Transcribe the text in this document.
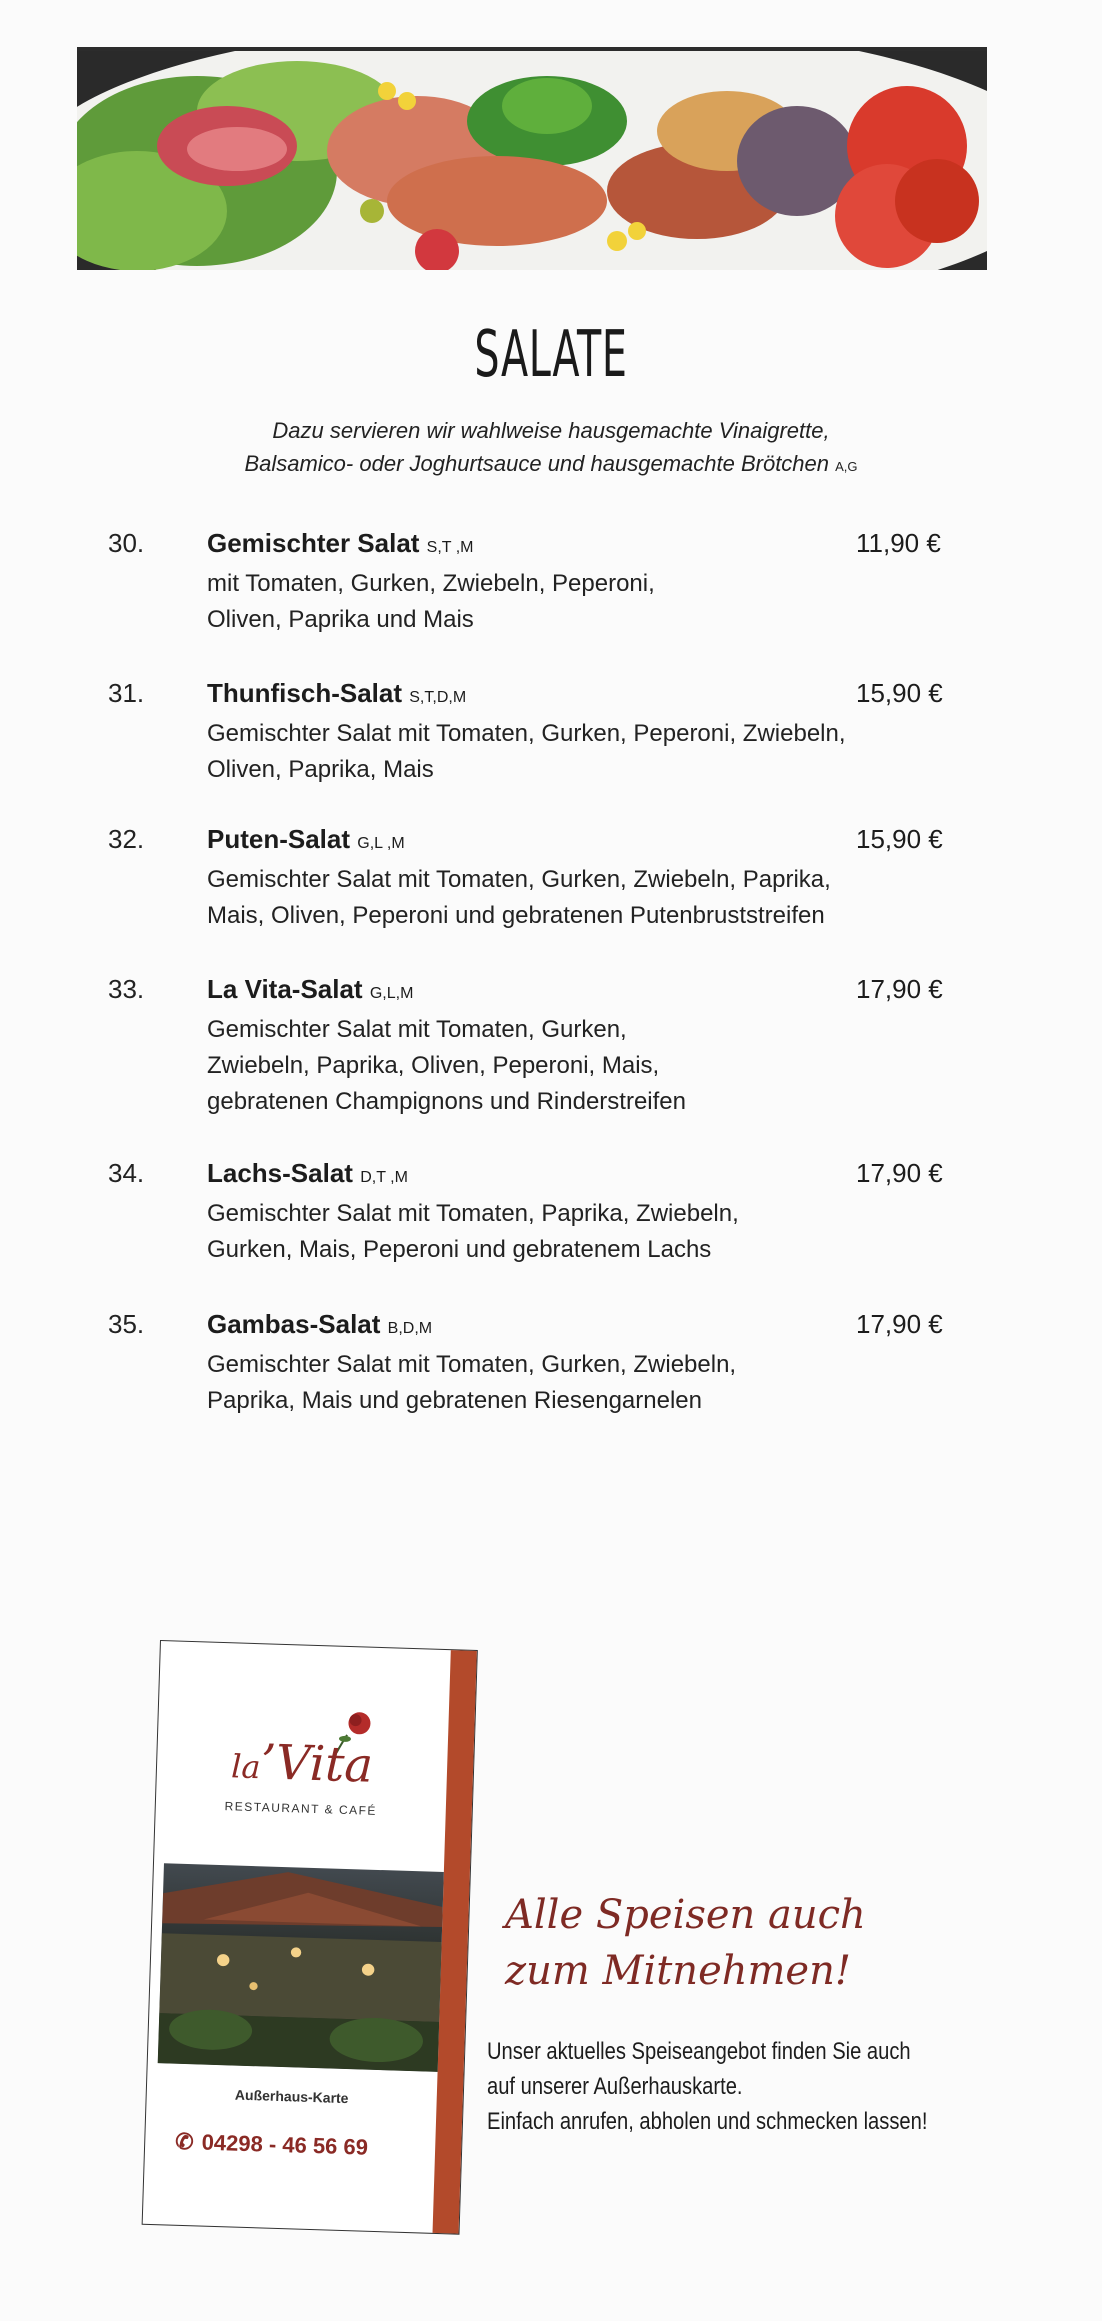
SALATE
Dazu servieren wir wahlweise hausgemachte Vinaigrette,
Balsamico- oder Joghurtsauce und hausgemachte Brötchen A,G
30. Gemischter Salat S,T ,M	11,90 €
mit Tomaten, Gurken, Zwiebeln, Peperoni,
Oliven, Paprika und Mais
31. Thunfisch-Salat S,T,D,M	15,90 €
Gemischter Salat mit Tomaten, Gurken, Peperoni, Zwiebeln,
Oliven, Paprika, Mais
32. Puten-Salat G,L ,M	15,90 €
Gemischter Salat mit Tomaten, Gurken, Zwiebeln, Paprika,
Mais, Oliven, Peperoni und gebratenen Putenbruststreifen
33. La Vita-Salat G,L,M	17,90 €
Gemischter Salat mit Tomaten, Gurken,
Zwiebeln, Paprika, Oliven, Peperoni, Mais,
gebratenen Champignons und Rinderstreifen
34. Lachs-Salat D,T ,M	17,90 €
Gemischter Salat mit Tomaten, Paprika, Zwiebeln,
Gurken, Mais, Peperoni und gebratenem Lachs
35. Gambas-Salat B,D,M	17,90 €
Gemischter Salat mit Tomaten, Gurken, Zwiebeln,
Paprika, Mais und gebratenen Riesengarnelen
la’Vita
RESTAURANT & CAFÉ
Außerhaus-Karte
✆ 04298 - 46 56 69
Alle Speisen auch
zum Mitnehmen!
Unser aktuelles Speiseangebot finden Sie auch
auf unserer Außerhauskarte.
Einfach anrufen, abholen und schmecken lassen!
